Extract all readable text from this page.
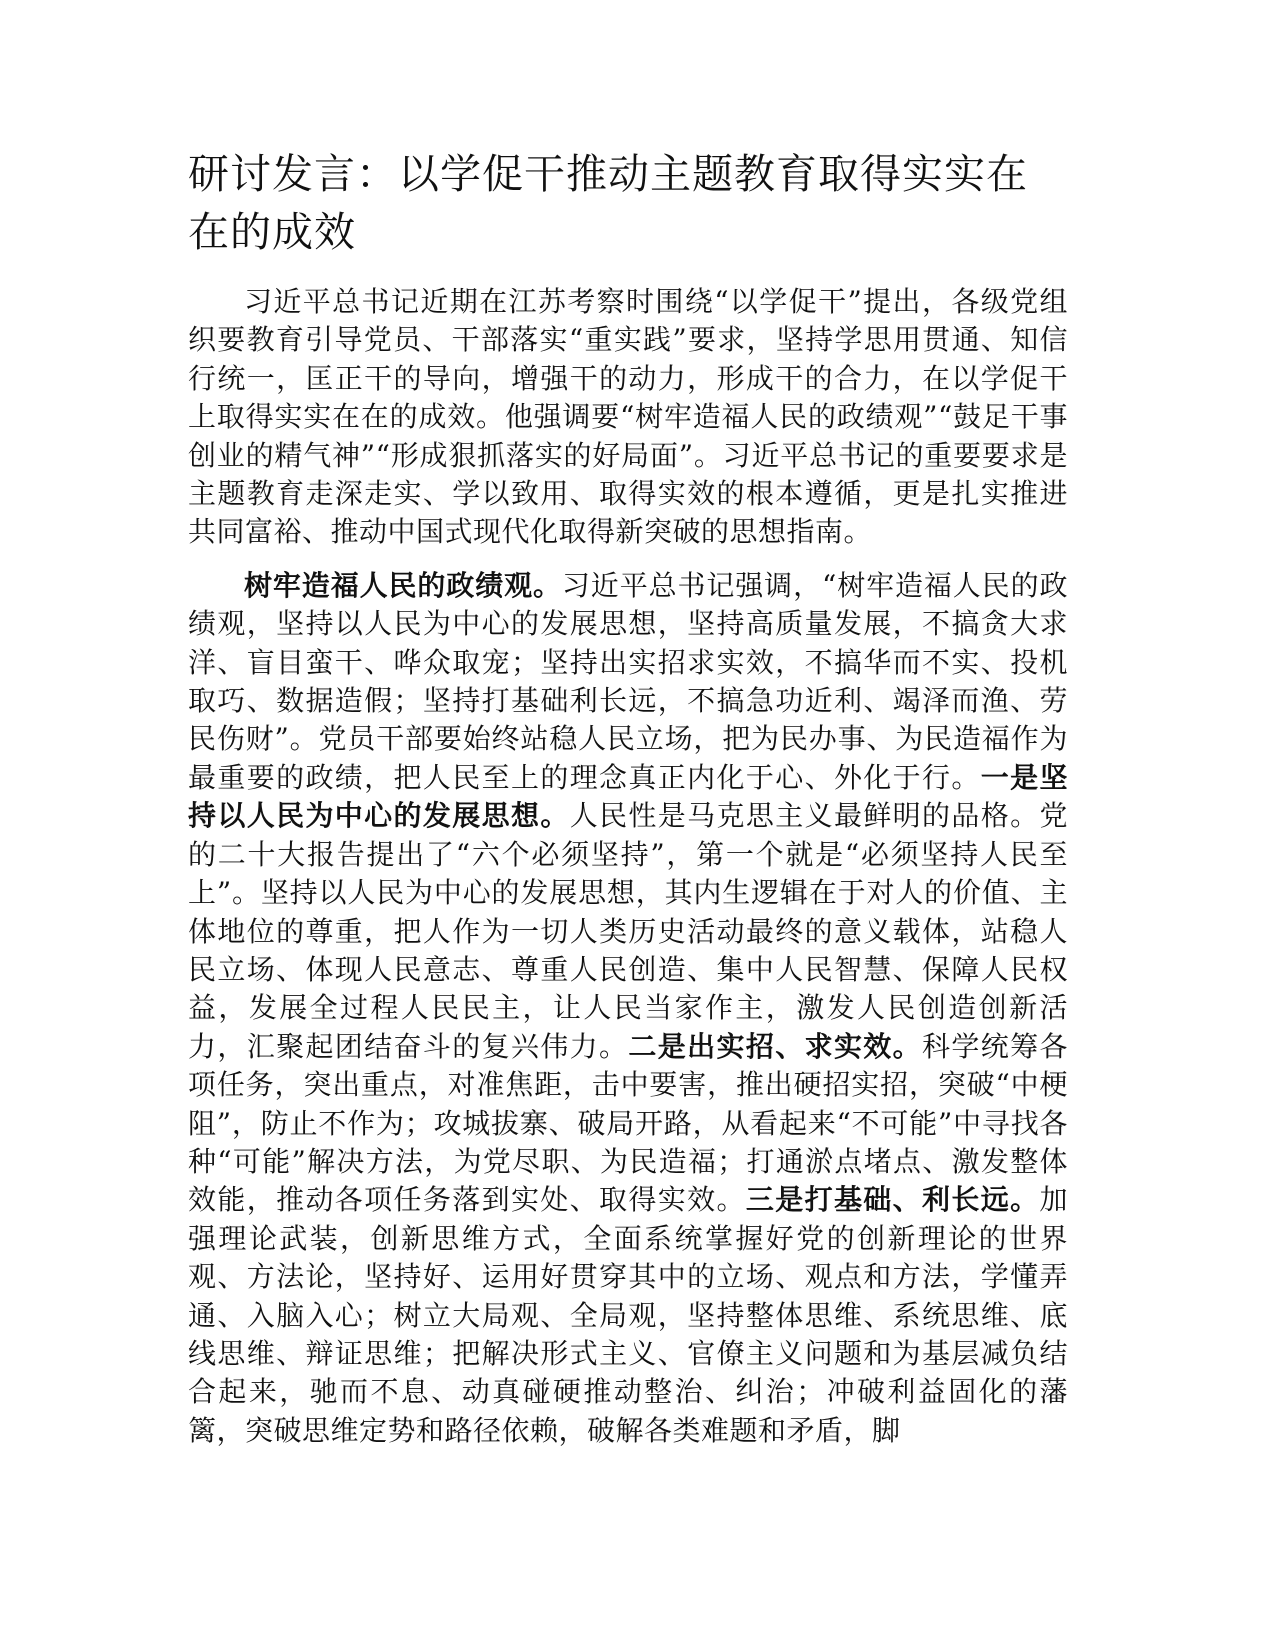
研讨发言：以学促干推动主题教育取得实实在在的成效

习近平总书记近期在江苏考察时围绕“以学促干”提出，各级党组织要教育引导党员、干部落实“重实践”要求，坚持学思用贯通、知信行统一，匡正干的导向，增强干的动力，形成干的合力，在以学促干上取得实实在在的成效。他强调要“树牢造福人民的政绩观”“鼓足干事创业的精气神”“形成狠抓落实的好局面”。习近平总书记的重要要求是主题教育走深走实、学以致用、取得实效的根本遵循，更是扎实推进共同富裕、推动中国式现代化取得新突破的思想指南。

树牢造福人民的政绩观。习近平总书记强调，“树牢造福人民的政绩观，坚持以人民为中心的发展思想，坚持高质量发展，不搞贪大求洋、盲目蛮干、哗众取宠；坚持出实招求实效，不搞华而不实、投机取巧、数据造假；坚持打基础利长远，不搞急功近利、竭泽而渔、劳民伤财”。党员干部要始终站稳人民立场，把为民办事、为民造福作为最重要的政绩，把人民至上的理念真正内化于心、外化于行。一是坚持以人民为中心的发展思想。人民性是马克思主义最鲜明的品格。党的二十大报告提出了“六个必须坚持”，第一个就是“必须坚持人民至上”。坚持以人民为中心的发展思想，其内生逻辑在于对人的价值、主体地位的尊重，把人作为一切人类历史活动最终的意义载体，站稳人民立场、体现人民意志、尊重人民创造、集中人民智慧、保障人民权益，发展全过程人民民主，让人民当家作主，激发人民创造创新活力，汇聚起团结奋斗的复兴伟力。二是出实招、求实效。科学统筹各项任务，突出重点，对准焦距，击中要害，推出硬招实招，突破“中梗阻”，防止不作为；攻城拔寨、破局开路，从看起来“不可能”中寻找各种“可能”解决方法，为党尽职、为民造福；打通淤点堵点、激发整体效能，推动各项任务落到实处、取得实效。三是打基础、利长远。加强理论武装，创新思维方式，全面系统掌握好党的创新理论的世界观、方法论，坚持好、运用好贯穿其中的立场、观点和方法，学懂弄通、入脑入心；树立大局观、全局观，坚持整体思维、系统思维、底线思维、辩证思维；把解决形式主义、官僚主义问题和为基层减负结合起来，驰而不息、动真碰硬推动整治、纠治；冲破利益固化的藩篱，突破思维定势和路径依赖，破解各类难题和矛盾，脚
